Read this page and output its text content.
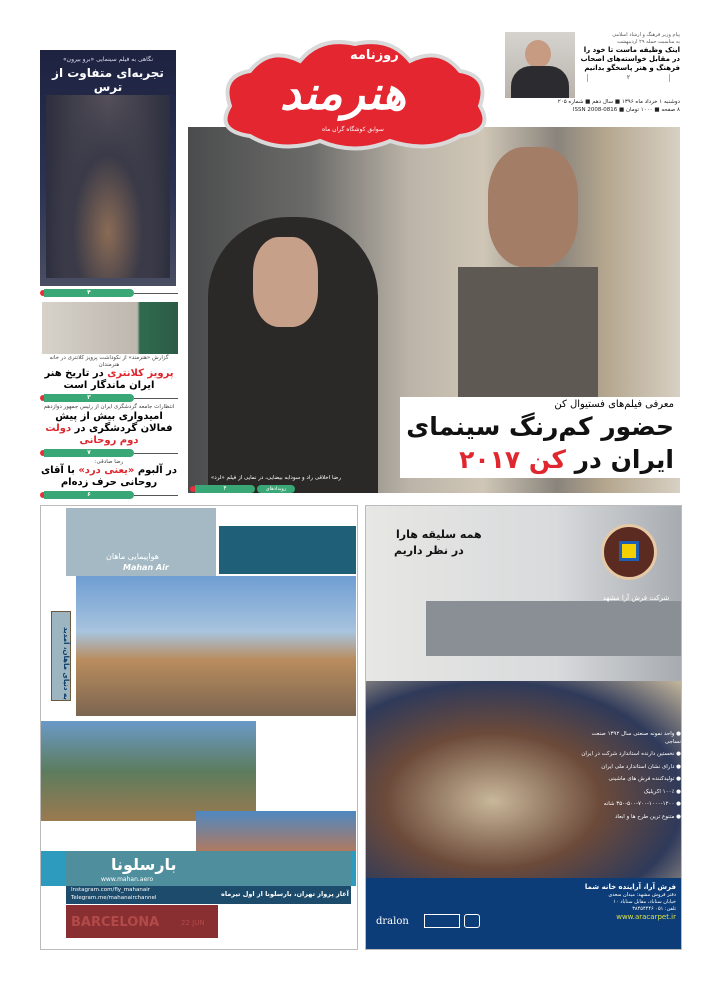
نگاهی به فیلم سینمایی «برو بیرون»
تجربه‌ای متفاوت از ترس
۴
گزارش «هنرمند» از نکوداشت پرویز کلانتری در خانه هنرمندان
پرویز کلانتری در تاریخ هنر ایران ماندگار است
۳
انتظارات جامعه گردشگری ایران از رئیس جمهور دوازدهم
امیدواری بیش از پیش فعالان گردشگری در دولت دوم روحانی
۷
رضا صادقی:
در آلبوم «یعنی درد» با آقای روحانی حرف زده‌ام
۶
روزنامه
هنرمند
سوابق کوشگاه گران ماه
پیام وزیر فرهنگ و ارشاد اسلامی
به مناسبت حمله ۲۹ اردیبهشت
اینک وظیفه ماست تا خود را در مقابل خواسته‌های اصحاب فرهنگ و هنر پاسخگو بدانیم
۲
دوشنبه ۱ خرداد ماه ۱۳۹۶ ■ سال دهم ■ شماره ۲۰۵
۸ صفحه ■ ۱۰۰۰ تومان ■ ISSN 2008-0816
معرفی فیلم‌های فستیوال کن
حضور کم‌رنگ سینمای
ایران در کن ۲۰۱۷
رضا اخلاقی راد و سودابه بیضایی، در نمایی از فیلم «لرد»
۴	رویدادهای
هواپیمایی ماهان
Mahan Air
به دنیای ماهان، آمدید
بارسلونا
www.mahan.aero
Instagram.com/fly_mahanair
Telegram.me/mahanairchannel	آغاز پرواز تهران، بارسلونا از اول تیرماه
BARCELONA	22 JUN
همه سلیقه هارا
در نظر داریم
شرکت فرش آرا مشهد
● واحد نمونه صنعتی سال ۱۳۹۲ صنعت نساجی
● نخستین دارنده استاندارد شرکت در ایران
● دارای نشان استاندارد ملی ایران
● تولیدکننده فرش های ماشینی
● ۱۰۰٪ اکریلیک
● ۳۵۰-۵۰۰-۷۰۰-۱۰۰۰-۱۲۰۰ شانه
● متنوع ترین طرح ها و ابعاد
فرش آرا، آراینده خانه شما
دفتر فروش مشهد: میدان سعدی
خیابان سناباد، مقابل سناباد ۱۰
تلفن: ۰۵۱ ۳۸۴۵۴۴۴۶
www.aracarpet.ir
dralon
